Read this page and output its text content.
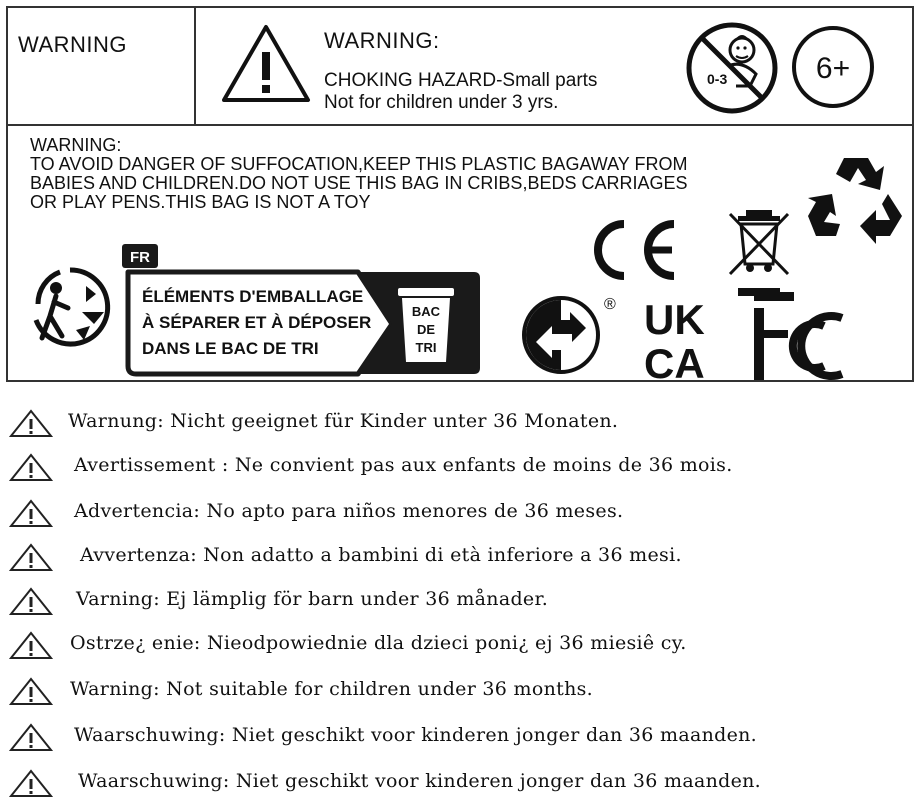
WARNING	WARNING:
CHOKING HAZARD-Small parts
Not for children under 3 yrs.
0-3	6+
WARNING:
TO AVOID DANGER OF SUFFOCATION,KEEP THIS PLASTIC BAGAWAY FROM
BABIES AND CHILDREN.DO NOT USE THIS BAG IN CRIBS,BEDS CARRIAGES
OR PLAY PENS.THIS BAG IS NOT A TOY
FR
ÉLÉMENTS D'EMBALLAGE
À SÉPARER ET À DÉPOSER
DANS LE BAC DE TRI
BAC
DE
TRI
® UK
CA
Warnung: Nicht geeignet für Kinder unter 36 Monaten.
Avertissement : Ne convient pas aux enfants de moins de 36 mois.
Advertencia: No apto para niños menores de 36 meses.
Avvertenza: Non adatto a bambini di età inferiore a 36 mesi.
Varning: Ej lämplig för barn under 36 månader.
Ostrze¿ enie: Nieodpowiednie dla dzieci poni¿ ej 36 miesiê cy.
Warning: Not suitable for children under 36 months.
Waarschuwing: Niet geschikt voor kinderen jonger dan 36 maanden.
Waarschuwing: Niet geschikt voor kinderen jonger dan 36 maanden.
